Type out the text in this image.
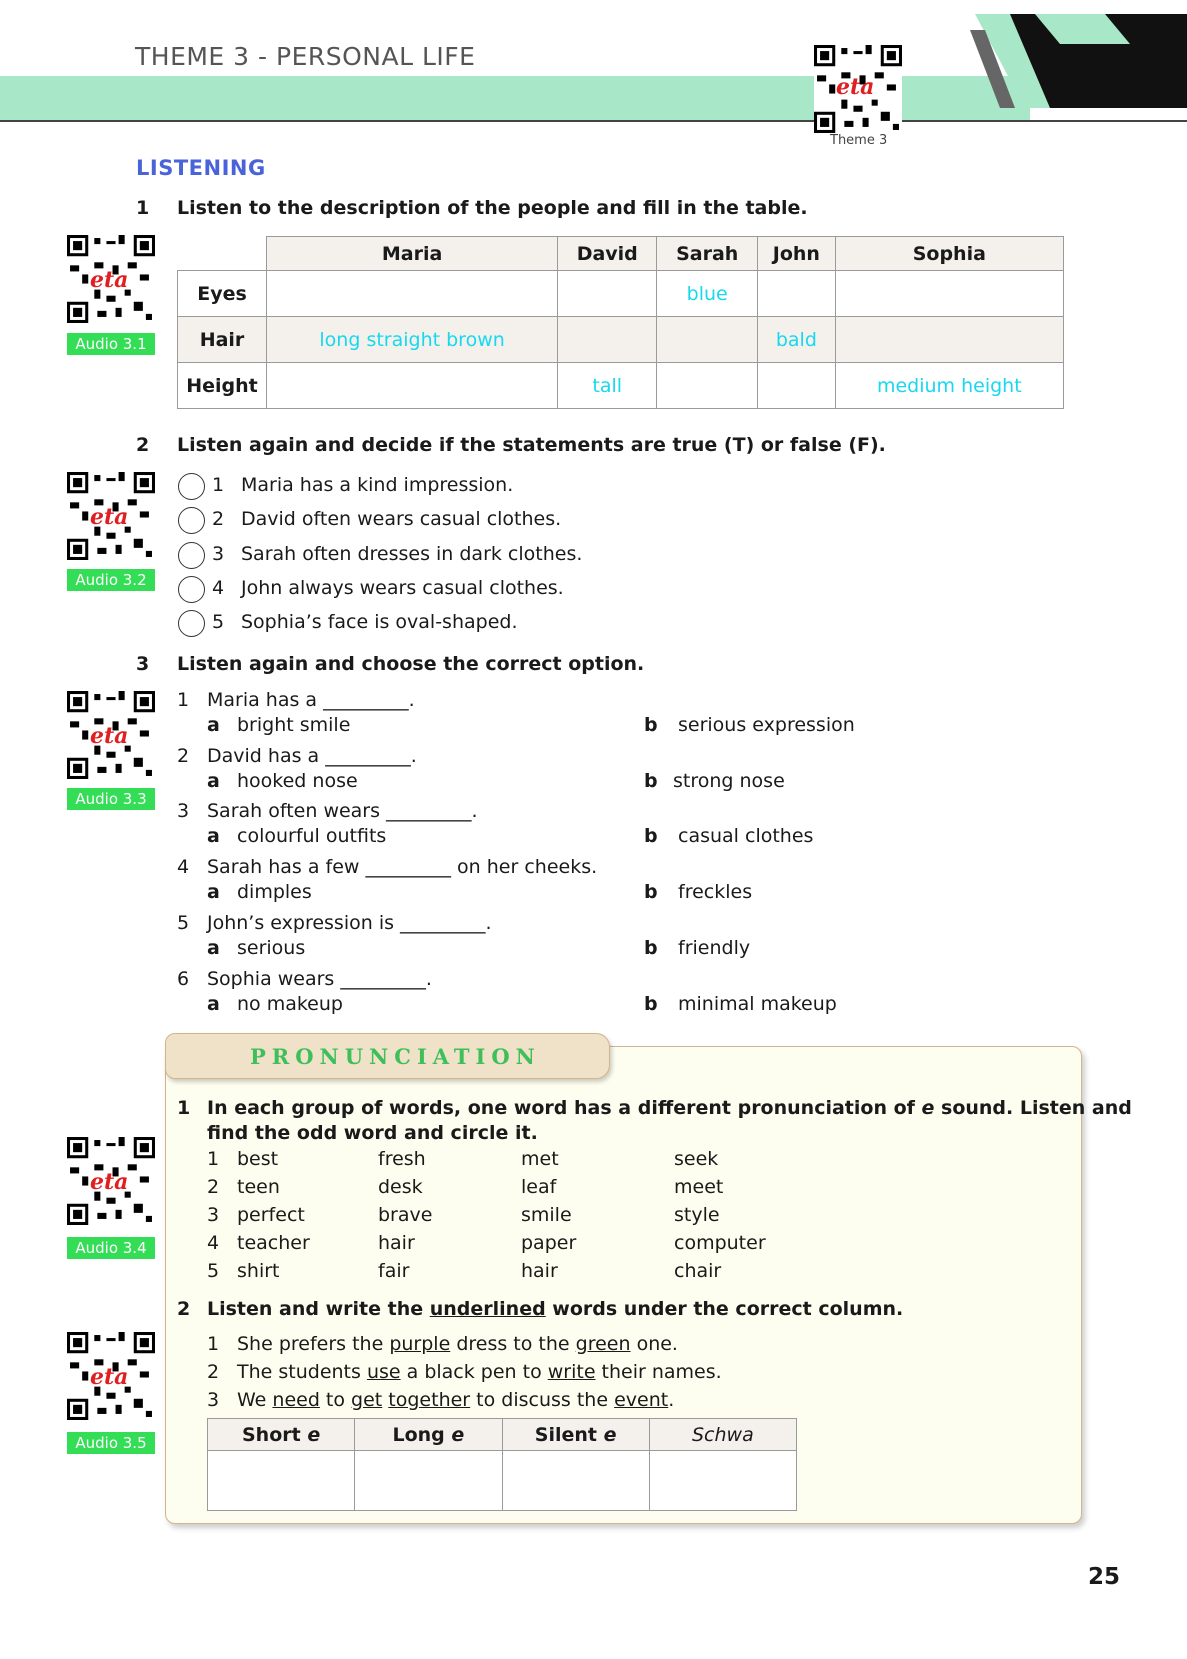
THEME 3 - PERSONAL LIFE
eta
Theme 3
LISTENING
1 Listen to the description of the people and fill in the table.
eta
Audio 3.1
	Maria	David	Sarah	John	Sophia
Eyes			blue		
Hair	long straight brown			bald	
Height		tall			medium height
2 Listen again and decide if the statements are true (T) or false (F).
eta
Audio 3.2
1 Maria has a kind impression.
2 David often wears casual clothes.
3 Sarah often dresses in dark clothes.
4 John always wears casual clothes.
5 Sophia’s face is oval-shaped.
3 Listen again and choose the correct option.
eta
Audio 3.3
1 Maria has a _________.
a bright smile	b serious expression
2 David has a _________.
a hooked nose	b strong nose
3 Sarah often wears _________.
a colourful outfits	b casual clothes
4 Sarah has a few _________ on her cheeks.
a dimples	b freckles
5 John’s expression is _________.
a serious	b friendly
6 Sophia wears _________.
a no makeup	b minimal makeup
PRONUNCIATION
1 In each group of words, one word has a different pronunciation of e sound. Listen and
find the odd word and circle it.
eta
Audio 3.4
1 best	fresh	met	seek
2 teen	desk	leaf	meet
3 perfect	brave	smile	style
4 teacher	hair	paper	computer
5 shirt	fair	hair	chair
2 Listen and write the underlined words under the correct column.
eta
Audio 3.5
1 She prefers the purple dress to the green one.
2 The students use a black pen to write their names.
3 We need to get together to discuss the event.
Short e	Long e	Silent e	Schwa

25
